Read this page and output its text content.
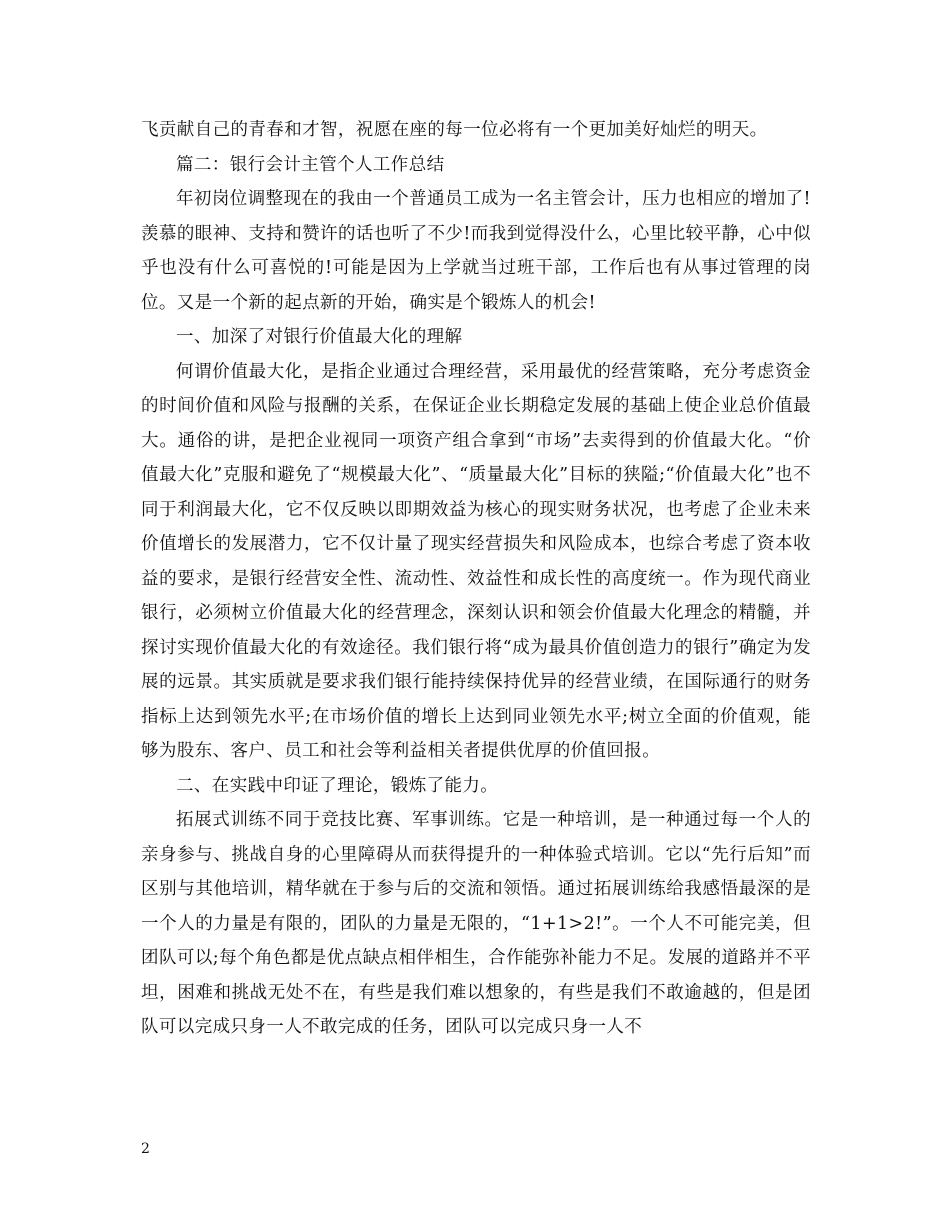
飞贡献自己的青春和才智，祝愿在座的每一位必将有一个更加美好灿烂的明天。

篇二：银行会计主管个人工作总结

年初岗位调整现在的我由一个普通员工成为一名主管会计，压力也相应的增加了!羡慕的眼神、支持和赞许的话也听了不少!而我到觉得没什么，心里比较平静，心中似乎也没有什么可喜悦的!可能是因为上学就当过班干部，工作后也有从事过管理的岗位。又是一个新的起点新的开始，确实是个锻炼人的机会!

一、加深了对银行价值最大化的理解

何谓价值最大化，是指企业通过合理经营，采用最优的经营策略，充分考虑资金的时间价值和风险与报酬的关系，在保证企业长期稳定发展的基础上使企业总价值最大。通俗的讲，是把企业视同一项资产组合拿到“市场”去卖得到的价值最大化。“价值最大化”克服和避免了“规模最大化”、“质量最大化”目标的狭隘;“价值最大化”也不同于利润最大化，它不仅反映以即期效益为核心的现实财务状况，也考虑了企业未来价值增长的发展潜力，它不仅计量了现实经营损失和风险成本，也综合考虑了资本收益的要求，是银行经营安全性、流动性、效益性和成长性的高度统一。作为现代商业银行，必须树立价值最大化的经营理念，深刻认识和领会价值最大化理念的精髓，并探讨实现价值最大化的有效途径。我们银行将“成为最具价值创造力的银行”确定为发展的远景。其实质就是要求我们银行能持续保持优异的经营业绩，在国际通行的财务指标上达到领先水平;在市场价值的增长上达到同业领先水平;树立全面的价值观，能够为股东、客户、员工和社会等利益相关者提供优厚的价值回报。

二、在实践中印证了理论，锻炼了能力。

拓展式训练不同于竞技比赛、军事训练。它是一种培训，是一种通过每一个人的亲身参与、挑战自身的心里障碍从而获得提升的一种体验式培训。它以“先行后知”而区别与其他培训，精华就在于参与后的交流和领悟。通过拓展训练给我感悟最深的是一个人的力量是有限的，团队的力量是无限的，“1+1>2!”。一个人不可能完美，但团队可以;每个角色都是优点缺点相伴相生，合作能弥补能力不足。发展的道路并不平坦，困难和挑战无处不在，有些是我们难以想象的，有些是我们不敢逾越的，但是团队可以完成只身一人不敢完成的任务，团队可以完成只身一人不

2
